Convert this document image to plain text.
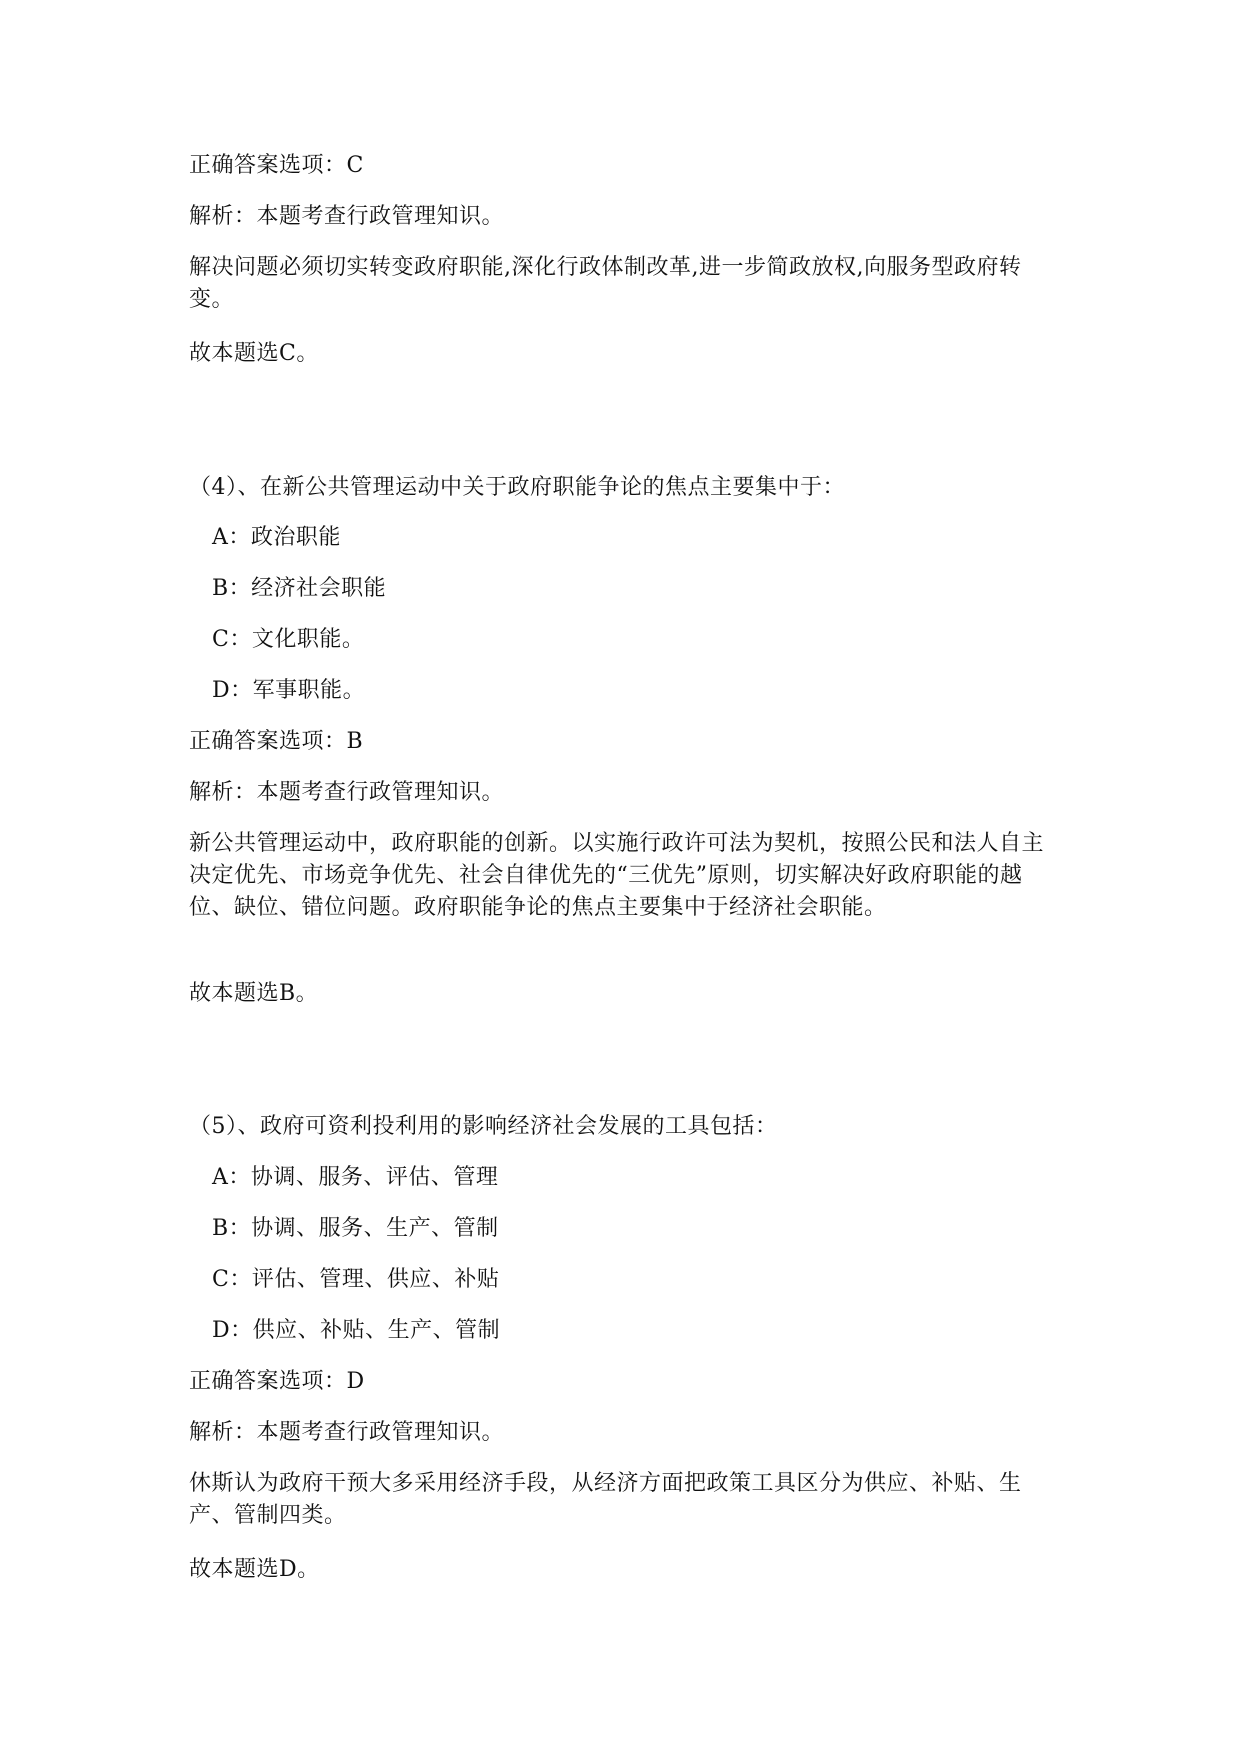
正确答案选项：C
解析：本题考查行政管理知识。
解决问题必须切实转变政府职能,深化行政体制改革,进一步简政放权,向服务型政府转变。
故本题选C。
（4）、在新公共管理运动中关于政府职能争论的焦点主要集中于：
A：政治职能
B：经济社会职能
C：文化职能。
D：军事职能。
正确答案选项：B
解析：本题考查行政管理知识。
新公共管理运动中，政府职能的创新。以实施行政许可法为契机，按照公民和法人自主决定优先、市场竞争优先、社会自律优先的“三优先”原则，切实解决好政府职能的越位、缺位、错位问题。政府职能争论的焦点主要集中于经济社会职能。
故本题选B。
（5）、政府可资利投利用的影响经济社会发展的工具包括：
A：协调、服务、评估、管理
B：协调、服务、生产、管制
C：评估、管理、供应、补贴
D：供应、补贴、生产、管制
正确答案选项：D
解析：本题考查行政管理知识。
休斯认为政府干预大多采用经济手段，从经济方面把政策工具区分为供应、补贴、生产、管制四类。
故本题选D。
